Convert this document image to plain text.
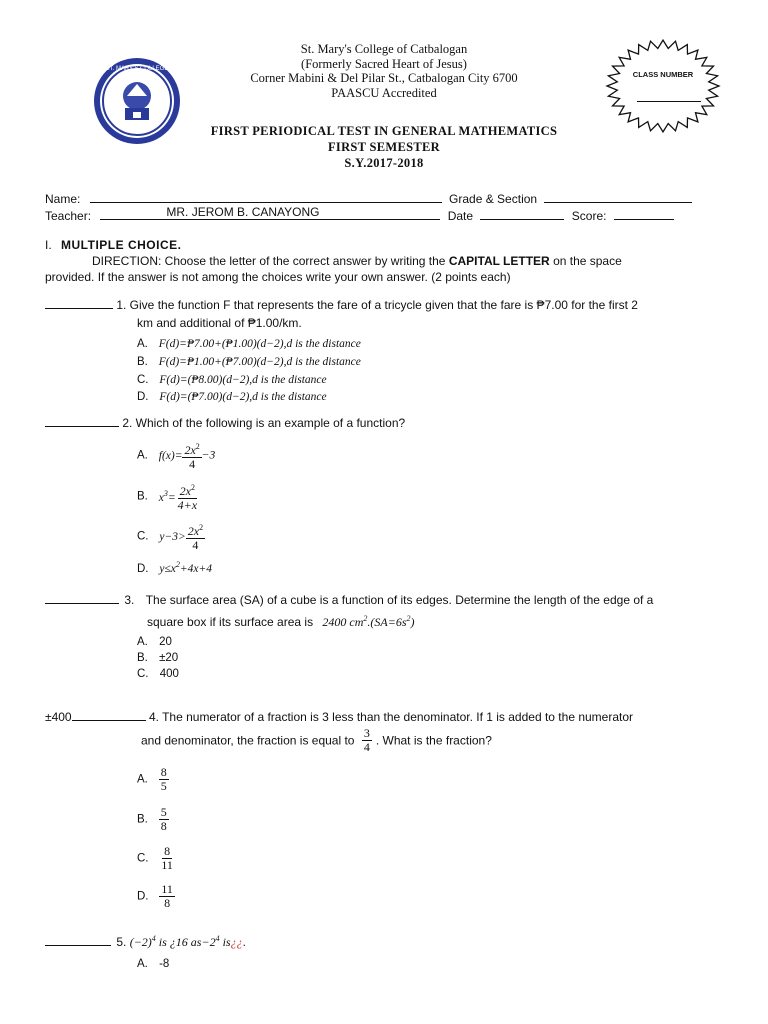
ST. MARY'S COLLEGE
St. Mary's College of Catbalogan
(Formerly Sacred Heart of Jesus)
Corner Mabini & Del Pilar St., Catbalogan City 6700
PAASCU Accredited
CLASS NUMBER
FIRST PERIODICAL TEST IN GENERAL MATHEMATICS
FIRST SEMESTER
S.Y.2017-2018
Name:	Grade & Section
Teacher:	MR. JEROM B. CANAYONG	Date	Score:
I. MULTIPLE CHOICE.
DIRECTION: Choose the letter of the correct answer by writing the CAPITAL LETTER on the space
provided. If the answer is not among the choices write your own answer. (2 points each)
1. Give the function F that represents the fare of a tricycle given that the fare is ₱7.00 for the first 2
km and additional of ₱1.00/km.
A. F(d)=₱7.00+(₱1.00)(d−2),d is the distance
B. F(d)=₱1.00+(₱7.00)(d−2),d is the distance
C. F(d)=(₱8.00)(d−2),d is the distance
D. F(d)=(₱7.00)(d−2),d is the distance
2. Which of the following is an example of a function?
A. $f(x)= \frac{2x^2}{4} -3$
B. $x^3= \frac{2x^2}{4+x}$
C. $y-3> \frac{2x^2}{4}$
D. $y\le x^2+4x+4$
3. The surface area (SA) of a cube is a function of its edges. Determine the length of the edge of a
square box if its surface area is 2400 $cm^2.(SA=6s^2)$
A. 20
B. ±20
C. 400
±400	4. The numerator of a fraction is 3 less than the denominator. If 1 is added to the numerator
and denominator, the fraction is equal to $\frac{3}{4}$ . What is the fraction?
A. $\frac{8}{5}$
B. $\frac{5}{8}$
C. $\frac{8}{11}$
D. $\frac{11}{8}$
5. $(-2)^4$ is ¿16 $as-2^4$ is¿¿.
A. -8
